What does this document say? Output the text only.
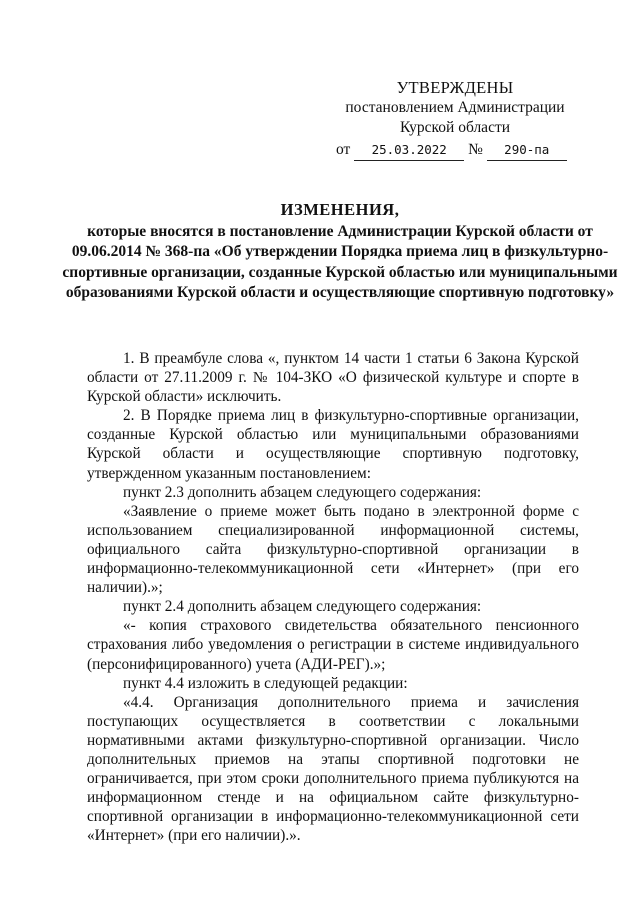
УТВЕРЖДЕНЫ
постановлением Администрации
Курской области
от 25.03.2022 № 290-па
ИЗМЕНЕНИЯ,
которые вносятся в постановление Администрации Курской области от 09.06.2014 № 368-па «Об утверждении Порядка приема лиц в физкультурно-спортивные организации, созданные Курской областью или муниципальными образованиями Курской области и осуществляющие спортивную подготовку»

1. В преамбуле слова «, пунктом 14 части 1 статьи 6 Закона Курской области от 27.11.2009 г. № 104-ЗКО «О физической культуре и спорте в Курской области» исключить.

2. В Порядке приема лиц в физкультурно-спортивные организации, созданные Курской областью или муниципальными образованиями Курской области и осуществляющие спортивную подготовку, утвержденном указанным постановлением:

пункт 2.3 дополнить абзацем следующего содержания:

«Заявление о приеме может быть подано в электронной форме с использованием специализированной информационной системы, официального сайта физкультурно-спортивной организации в информационно-телекоммуникационной сети «Интернет» (при его наличии).»;

пункт 2.4 дополнить абзацем следующего содержания:

«- копия страхового свидетельства обязательного пенсионного страхования либо уведомления о регистрации в системе индивидуального (персонифицированного) учета (АДИ-РЕГ).»;

пункт 4.4 изложить в следующей редакции:

«4.4. Организация дополнительного приема и зачисления поступающих осуществляется в соответствии с локальными нормативными актами физкультурно-спортивной организации. Число дополнительных приемов на этапы спортивной подготовки не ограничивается, при этом сроки дополнительного приема публикуются на информационном стенде и на официальном сайте физкультурно-спортивной организации в информационно-телекоммуникационной сети «Интернет» (при его наличии).».
